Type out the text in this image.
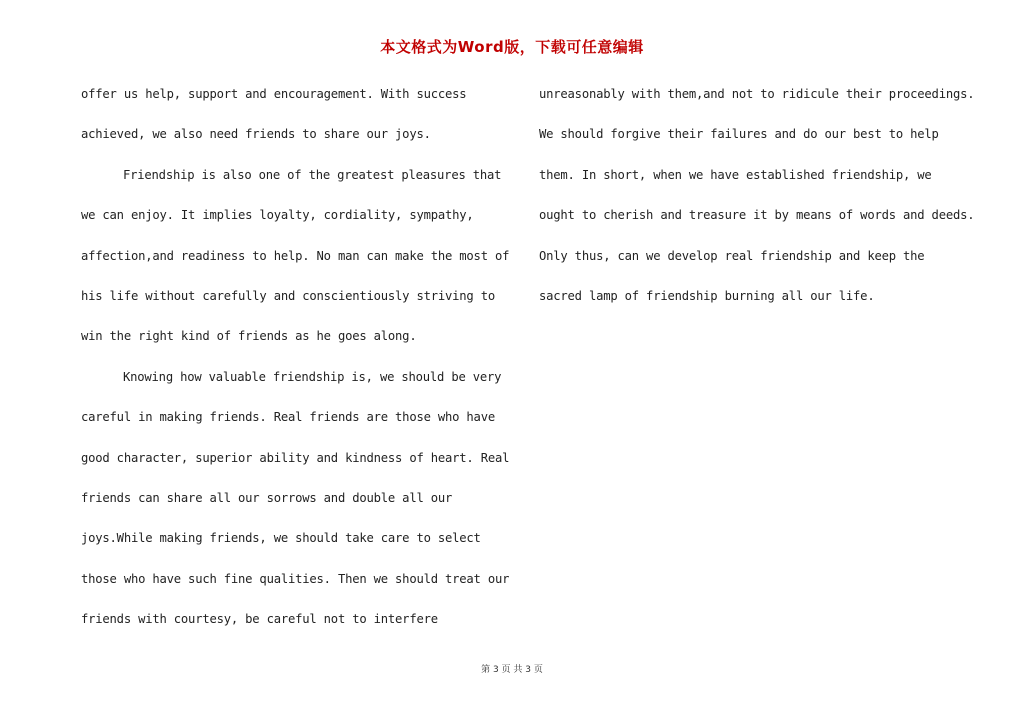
本文格式为Word版，下载可任意编辑
offer us help, support and encouragement. With success
achieved, we also need friends to share our joys.
Friendship is also one of the greatest pleasures that
we can enjoy. It implies loyalty, cordiality, sympathy,
affection,and readiness to help. No man can make the most of
his life without carefully and conscientiously striving to
win the right kind of friends as he goes along.
Knowing how valuable friendship is, we should be very
careful in making friends. Real friends are those who have
good character, superior ability and kindness of heart. Real
friends can share all our sorrows and double all our
joys.While making friends, we should take care to select
those who have such fine qualities. Then we should treat our
friends with courtesy, be careful not to interfere
unreasonably with them,and not to ridicule their proceedings.
We should forgive their failures and do our best to help
them. In short, when we have established friendship, we
ought to cherish and treasure it by means of words and deeds.
Only thus, can we develop real friendship and keep the
sacred lamp of friendship burning all our life.
第 3 页 共 3 页
